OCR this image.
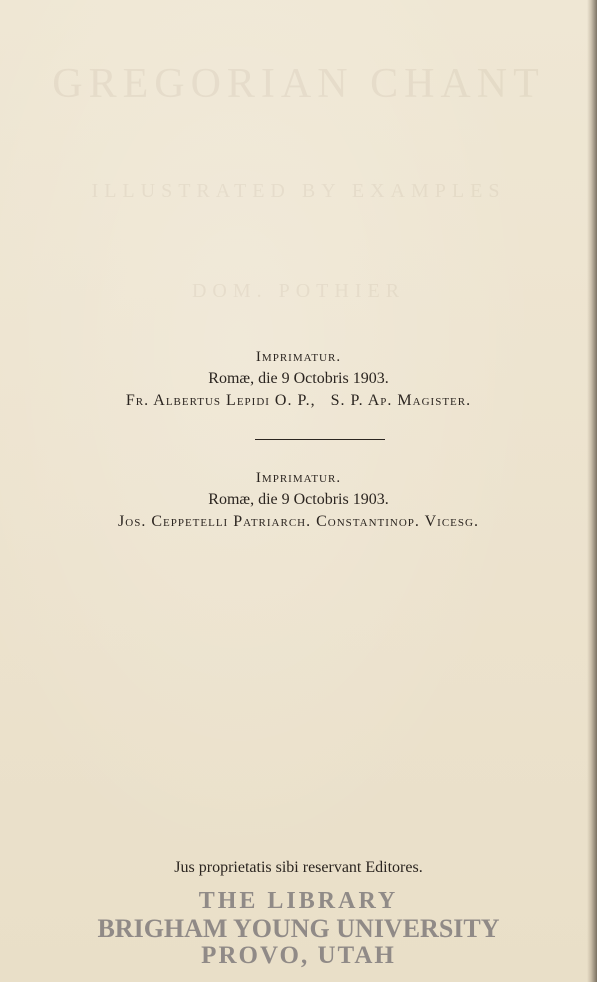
GREGORIAN CHANT
ILLUSTRATED BY EXAMPLES
DOM. POTHIER
Imprimatur.
Romæ, die 9 Octobris 1903.
Fr. Albertus Lepidi O. P.,   S. P. Ap. Magister.
Imprimatur.
Romæ, die 9 Octobris 1903.
Jos. Ceppetelli Patriarch. Constantinop. Vicesg.
Jus proprietatis sibi reservant Editores.
THE LIBRARY
BRIGHAM YOUNG UNIVERSITY
PROVO, UTAH
